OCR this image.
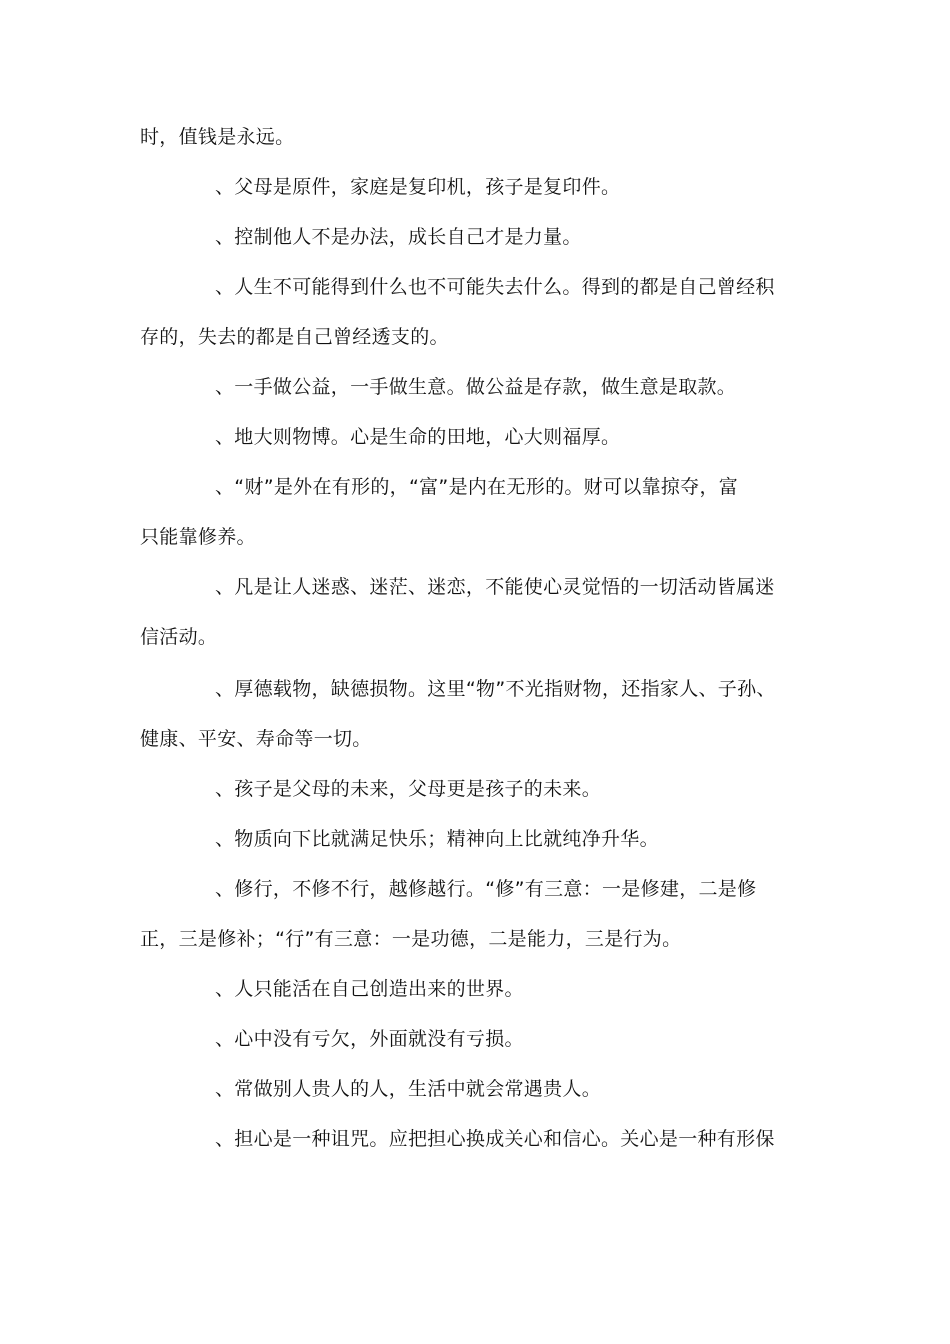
时，值钱是永远。
、父母是原件，家庭是复印机，孩子是复印件。
、控制他人不是办法，成长自己才是力量。
、人生不可能得到什么也不可能失去什么。得到的都是自己曾经积
存的，失去的都是自己曾经透支的。
、一手做公益，一手做生意。做公益是存款，做生意是取款。
、地大则物博。心是生命的田地，心大则福厚。
、“财”是外在有形的，“富”是内在无形的。财可以靠掠夺，富
只能靠修养。
、凡是让人迷惑、迷茫、迷恋，不能使心灵觉悟的一切活动皆属迷
信活动。
、厚德载物，缺德损物。这里“物”不光指财物，还指家人、子孙、
健康、平安、寿命等一切。
、孩子是父母的未来，父母更是孩子的未来。
、物质向下比就满足快乐；精神向上比就纯净升华。
、修行，不修不行，越修越行。“修”有三意：一是修建，二是修
正，三是修补；“行”有三意：一是功德，二是能力，三是行为。
、人只能活在自己创造出来的世界。
、心中没有亏欠，外面就没有亏损。
、常做别人贵人的人，生活中就会常遇贵人。
、担心是一种诅咒。应把担心换成关心和信心。关心是一种有形保
